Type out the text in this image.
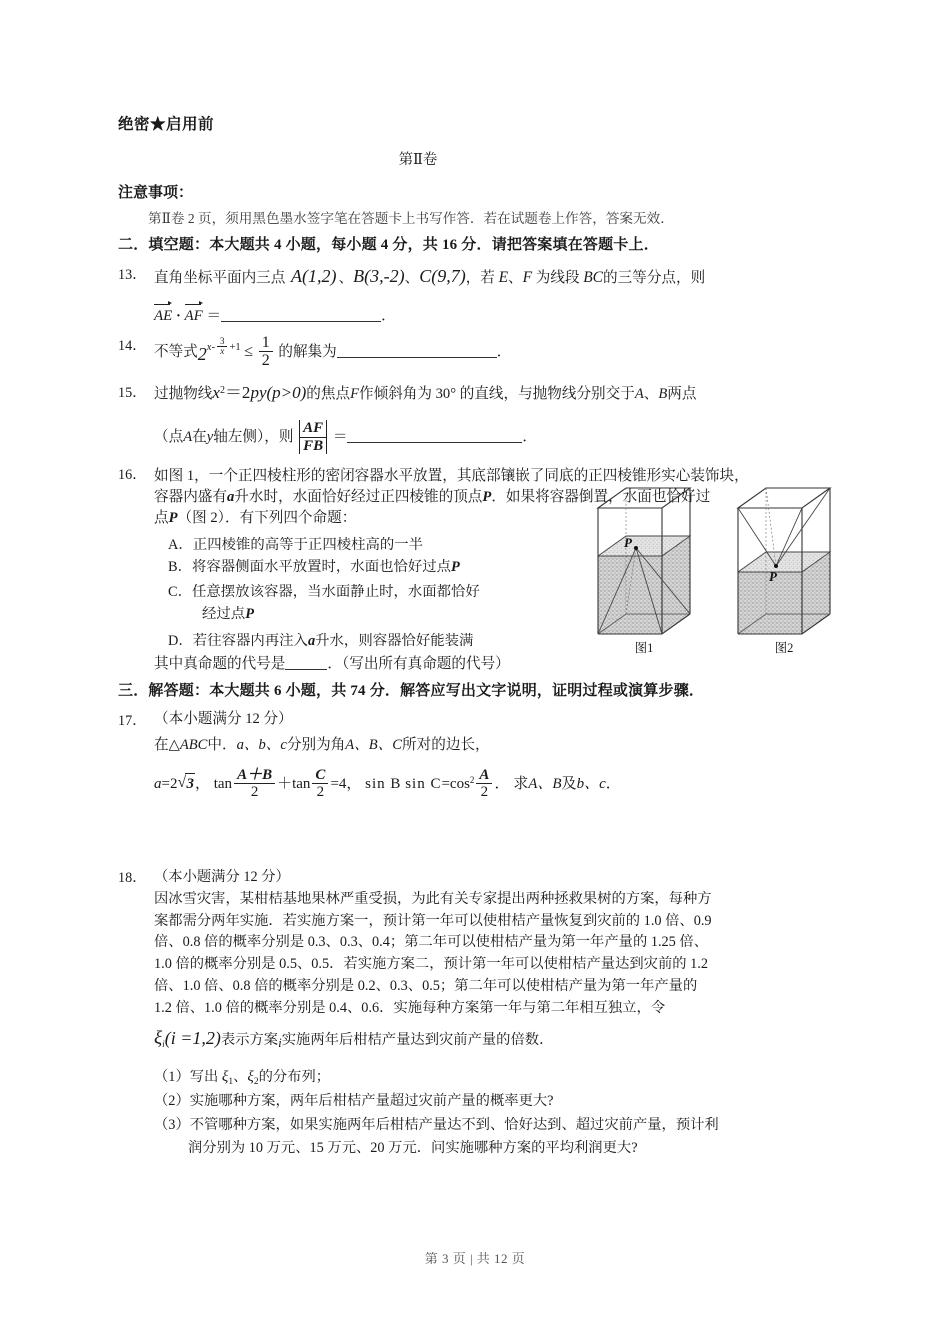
绝密★启用前
第Ⅱ卷
注意事项：
第Ⅱ卷 2 页，须用黑色墨水签字笔在答题卡上书写作答．若在试题卷上作答，答案无效．
二．填空题：本大题共 4 小题，每小题 4 分，共 16 分．请把答案填在答题卡上．
13． 直角坐标平面内三点 A(1,2) 、B(3,-2)、C(9,7)，若 E、F 为线段 BC的三等分点，则
AE · AF ＝	．
14． 不等式$2^{x- \frac{3}{x} +1} \le \frac{1}{2}$ 的解集为	．
15． 过抛物线$x^2=2py(p>0)$的焦点F作倾斜角为 30° 的直线，与抛物线分别交于A、B两点
（点A在y轴左侧），则 $\frac{AF}{FB}$ ＝	．
16． 如图 1，一个正四棱柱形的密闭容器水平放置，其底部镶嵌了同底的正四棱锥形实心装饰块，
容器内盛有a升水时，水面恰好经过正四棱锥的顶点P．如果将容器倒置，水面也恰好过
点P（图 2）．有下列四个命题：
A．正四棱锥的高等于正四棱柱高的一半
B．将容器侧面水平放置时，水面也恰好过点P
C．任意摆放该容器，当水面静止时，水面都恰好
经过点P
D．若往容器内再注入a升水，则容器恰好能装满
其中真命题的代号是	．（写出所有真命题的代号）
P
图1
P
图2
三．解答题：本大题共 6 小题，共 74 分．解答应写出文字说明，证明过程或演算步骤．
17． （本小题满分 12 分）
在△ABC中．a、b、c分别为角A、B、C所对的边长，
a=2 √ 3， $\tan \frac{A+B}{2} +\tan \frac{C}{2} =4$， sin B $\sin C=\cos^2 \frac{A}{2}$ ． 求A、B及b、c．
18． （本小题满分 12 分）
因冰雪灾害，某柑桔基地果林严重受损，为此有关专家提出两种拯救果树的方案，每种方
案都需分两年实施．若实施方案一，预计第一年可以使柑桔产量恢复到灾前的 1.0 倍、0.9
倍、0.8 倍的概率分别是 0.3、0.3、0.4；第二年可以使柑桔产量为第一年产量的 1.25 倍、
1.0 倍的概率分别是 0.5、0.5．若实施方案二，预计第一年可以使柑桔产量达到灾前的 1.2
倍、1.0 倍、0.8 倍的概率分别是 0.2、0.3、0.5；第二年可以使柑桔产量为第一年产量的
1.2 倍、1.0 倍的概率分别是 0.4、0.6．实施每种方案第一年与第二年相互独立，令
$\xi_i(i =1,2)$表示方案i实施两年后柑桔产量达到灾前产量的倍数．
（1）写出 $\xi_1$、$\xi_2$的分布列；
（2）实施哪种方案，两年后柑桔产量超过灾前产量的概率更大?
（3）不管哪种方案，如果实施两年后柑桔产量达不到、恰好达到、超过灾前产量，预计利
润分别为 10 万元、15 万元、20 万元．问实施哪种方案的平均利润更大?
第 3 页 | 共 12 页
